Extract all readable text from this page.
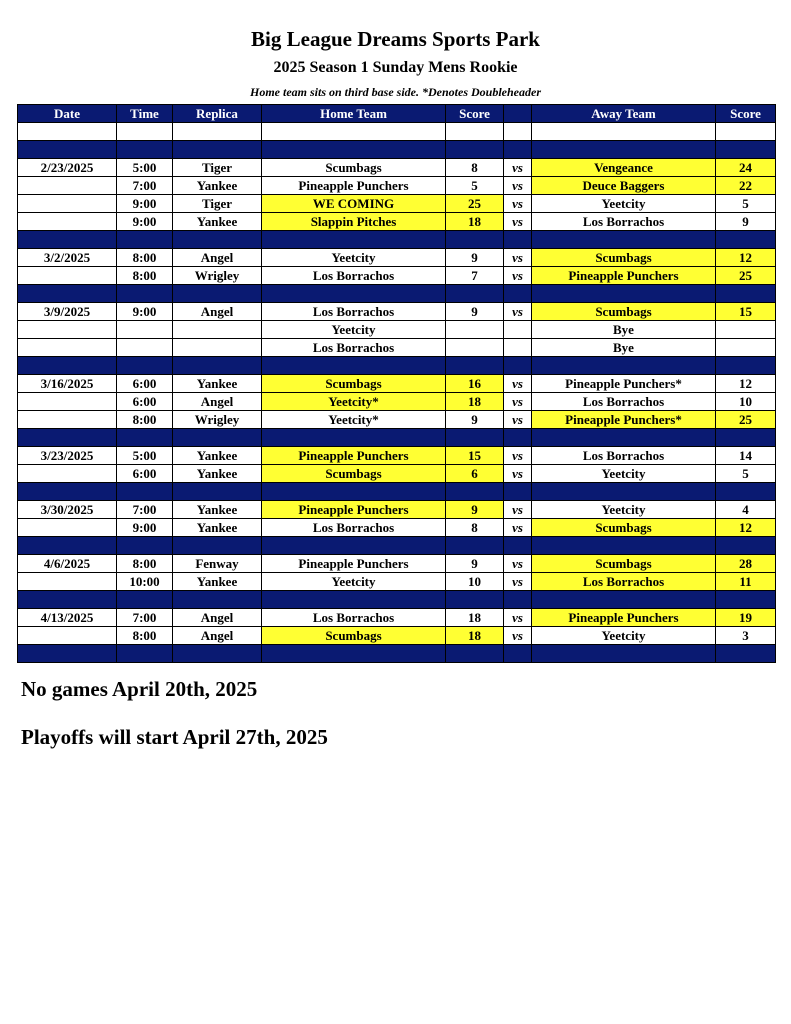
Big League Dreams Sports Park
2025 Season 1 Sunday Mens Rookie
Home team sits on third base side. *Denotes Doubleheader
Date	Time	Replica	Home Team	Score		Away Team	Score

2/23/2025	5:00	Tiger	Scumbags	8	vs	Vengeance	24
	7:00	Yankee	Pineapple Punchers	5	vs	Deuce Baggers	22
	9:00	Tiger	WE COMING	25	vs	Yeetcity	5
	9:00	Yankee	Slappin Pitches	18	vs	Los Borrachos	9

3/2/2025	8:00	Angel	Yeetcity	9	vs	Scumbags	12
	8:00	Wrigley	Los Borrachos	7	vs	Pineapple Punchers	25

3/9/2025	9:00	Angel	Los Borrachos	9	vs	Scumbags	15
			Yeetcity			Bye	
			Los Borrachos			Bye	

3/16/2025	6:00	Yankee	Scumbags	16	vs	Pineapple Punchers*	12
	6:00	Angel	Yeetcity*	18	vs	Los Borrachos	10
	8:00	Wrigley	Yeetcity*	9	vs	Pineapple Punchers*	25

3/23/2025	5:00	Yankee	Pineapple Punchers	15	vs	Los Borrachos	14
	6:00	Yankee	Scumbags	6	vs	Yeetcity	5

3/30/2025	7:00	Yankee	Pineapple Punchers	9	vs	Yeetcity	4
	9:00	Yankee	Los Borrachos	8	vs	Scumbags	12

4/6/2025	8:00	Fenway	Pineapple Punchers	9	vs	Scumbags	28
	10:00	Yankee	Yeetcity	10	vs	Los Borrachos	11

4/13/2025	7:00	Angel	Los Borrachos	18	vs	Pineapple Punchers	19
	8:00	Angel	Scumbags	18	vs	Yeetcity	3

No games April 20th, 2025
Playoffs will start April 27th, 2025
